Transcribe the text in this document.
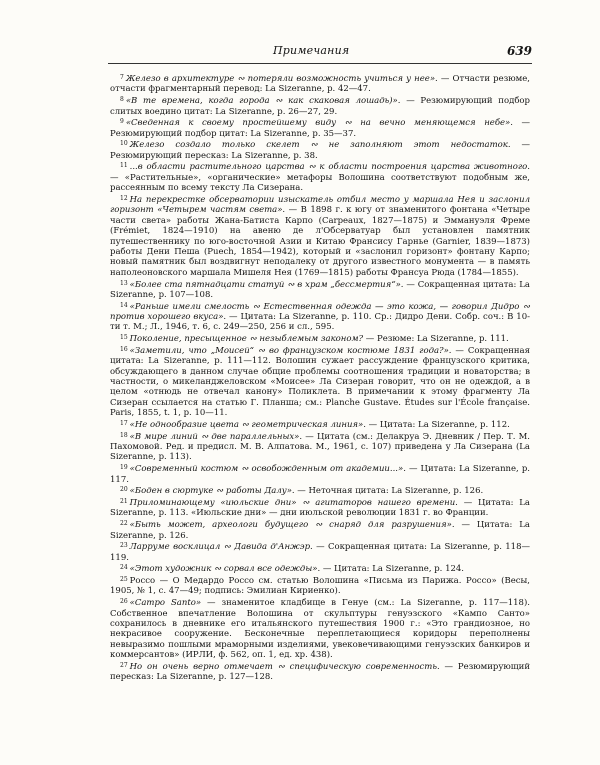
Примечания	639

$^7$ Железо в архитектуре ∾ потеряли возможность учиться у нее». — Отчасти резюме, отчасти фрагментарный перевод: La Sizeranne, p. 42—47.

$^8$ «В те времена, когда города ∾ как скаковая лошадь)». — Резюмирующий подбор слитых воедино цитат: La Sizeranne, p. 26—27, 29.

$^9$ «Сведенная к своему простейшему виду ∾ на вечно меняющемся небе». — Резюмирующий подбор цитат: La Sizeranne, p. 35—37.

$^{10}$ Железо создало только скелет ∾ не заполняют этот недостаток. — Резюмирующий пересказ: La Sizeranne, p. 38.

$^{11}$ ...в области растительного царства ∾ к области построения царства животного. — «Растительные», «органические» метафоры Волошина соответствуют подобным же, рассеянным по всему тексту Ла Сизерана.

$^{12}$ На перекрестке обсерватории изыскатель отбил место у маршала Нея и заслонил горизонт «Четырем частям света». — В 1898 г. к югу от знаменитого фонтана «Четыре части света» работы Жана-Батиста Карпо (Carpeaux, 1827—1875) и Эммануэля Фреме (Frémiet, 1824—1910) на авеню де л'Обсерватуар был установлен памятник путешественнику по юго-восточной Азии и Китаю Франсису Гарнье (Garnier, 1839—1873) работы Дени Пеша (Puech, 1854—1942), который и «заслонил горизонт» фонтану Карпо; новый памятник был воздвигнут неподалеку от другого известного монумента — в память наполеоновского маршала Мишеля Нея (1769—1815) работы Франсуа Рюда (1784—1855).

$^{13}$ «Более ста пятнадцати статуй ∾ в храм „бессмертия“». — Сокращенная цитата: La Sizeranne, p. 107—108.

$^{14}$ «Раньше имели смелость ∾ Естественная одежда — это кожа, — говорил Дидро ∾ против хорошего вкуса». — Цитата: La Sizeranne, p. 110. Ср.: Дидро Дени. Собр. соч.: В 10-ти т. М.; Л., 1946, т. 6, с. 249—250, 256 и сл., 595.

$^{15}$ Поколение, пресыщенное ∾ незыблемым законом? — Резюме: La Sizeranne, p. 111.

$^{16}$ «Заметили, что „Моисей“ ∾ во французском костюме 1831 года?». — Сокращенная цитата: La Sizeranne, p. 111—112. Волошин сужает рассуждение французского критика, обсуждающего в данном случае общие проблемы соотношения традиции и новаторства; в частности, о микеланджеловском «Моисее» Ла Сизеран говорит, что он не одеждой, а в целом «отнюдь не отвечал канону» Поликлета. В примечании к этому фрагменту Ла Сизеран ссылается на статью Г. Планша; см.: Planche Gustave. Études sur l'École française. Paris, 1855, t. 1, p. 10—11.

$^{17}$ «Не однообразие цвета ∾ геометрическая линия». — Цитата: La Sizeranne, p. 112.

$^{18}$ «В мире линий ∾ две параллельных». — Цитата (см.: Делакруа Э. Дневник / Пер. Т. М. Пахомовой. Ред. и предисл. М. В. Алпатова. М., 1961, с. 107) приведена у Ла Сизерана (La Sizeranne, p. 113).

$^{19}$ «Современный костюм ∾ освобожденным от академии...». — Цитата: La Sizeranne, p. 117.

$^{20}$ «Боден в сюртуке ∾ работы Далу». — Неточная цитата: La Sizeranne, p. 126.

$^{21}$ Приломинающему «июльские дни» ∾ агитаторов нашего времени. — Цитата: La Sizeranne, p. 113. «Июльские дни» — дни июльской революции 1831 г. во Франции.

$^{22}$ «Быть может, археологи будущего ∾ снаряд для разрушения». — Цитата: La Sizeranne, p. 126.

$^{23}$ Ларруме восклицал ∾ Давида д'Анжэр. — Сокращенная цитата: La Sizeranne, p. 118—119.

$^{24}$ «Этот художник ∾ сорвал все одежды». — Цитата: La Sizeranne, p. 124.

$^{25}$ Россо — О Медардо Россо см. статью Волошина «Письма из Парижа. Россо» (Весы, 1905, № 1, с. 47—49; подпись: Эмилиан Кириенко).

$^{26}$ «Campo Santo» — знаменитое кладбище в Генуе (см.: La Sizeranne, p. 117—118). Собственное впечатление Волошина от скульптуры генуэзского «Кампо Санто» сохранилось в дневнике его итальянского путешествия 1900 г.: «Это грандиозное, но некрасивое сооружение. Бесконечные переплетающиеся коридоры переполнены невыразимо пошлыми мраморными изделиями, увековечивающими генуэзских банкиров и коммерсантов» (ИРЛИ, ф. 562, оп. 1, ед. хр. 438).

$^{27}$ Но он очень верно отмечает ∾ специфическую современность. — Резюмирующий пересказ: La Sizeranne, p. 127—128.
